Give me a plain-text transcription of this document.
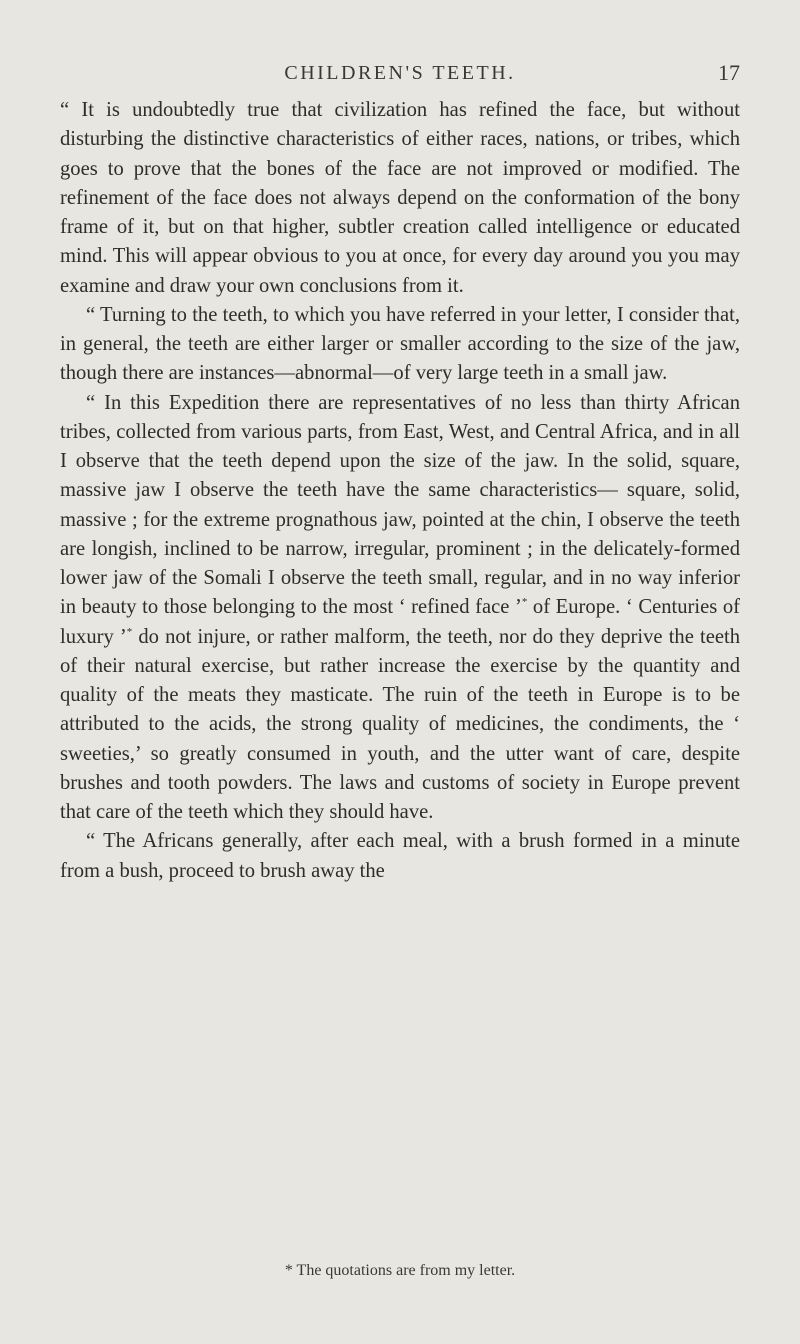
CHILDREN'S TEETH.	17

“ It is undoubtedly true that civilization has refined the face, but without disturbing the distinctive characteristics of either races, nations, or tribes, which goes to prove that the bones of the face are not improved or modified. The refinement of the face does not always depend on the conformation of the bony frame of it, but on that higher, subtler creation called intelligence or educated mind. This will appear obvious to you at once, for every day around you you may examine and draw your own conclusions from it.

“ Turning to the teeth, to which you have referred in your letter, I consider that, in general, the teeth are either larger or smaller according to the size of the jaw, though there are instances—abnormal—of very large teeth in a small jaw.

“ In this Expedition there are representatives of no less than thirty African tribes, collected from various parts, from East, West, and Central Africa, and in all I observe that the teeth depend upon the size of the jaw. In the solid, square, massive jaw I observe the teeth have the same characteristics— square, solid, massive ; for the extreme prognathous jaw, pointed at the chin, I observe the teeth are longish, inclined to be narrow, irregular, prominent ; in the delicately-formed lower jaw of the Somali I observe the teeth small, regular, and in no way inferior in beauty to those belonging to the most ‘ refined face ’* of Europe. ‘ Centuries of luxury ’* do not injure, or rather malform, the teeth, nor do they deprive the teeth of their natural exercise, but rather increase the exercise by the quantity and quality of the meats they masticate. The ruin of the teeth in Europe is to be attributed to the acids, the strong quality of medicines, the condiments, the ‘ sweeties,’ so greatly consumed in youth, and the utter want of care, despite brushes and tooth powders. The laws and customs of society in Europe prevent that care of the teeth which they should have.

“ The Africans generally, after each meal, with a brush formed in a minute from a bush, proceed to brush away the

* The quotations are from my letter.
